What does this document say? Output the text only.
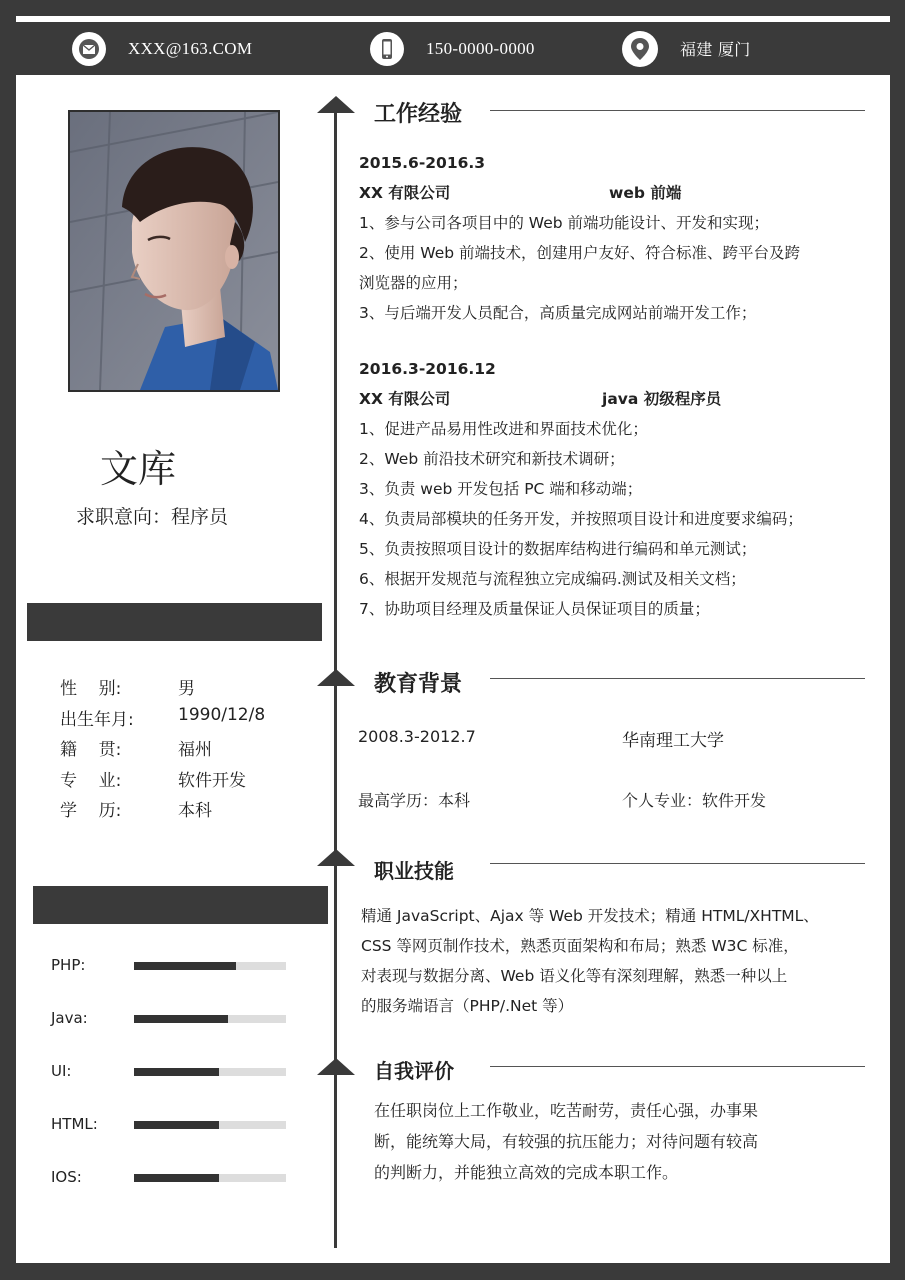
XXX@163.COM	150-0000-0000	福建 厦门
文库
求职意向：程序员
性    别:	男
出生年月:	1990/12/8
籍    贯:	福州
专    业:	软件开发
学    历:	本科
PHP:
Java:
UI:
HTML:
IOS:
工作经验
2015.6-2016.3
XX 有限公司	web 前端
1、参与公司各项目中的 Web 前端功能设计、开发和实现；
2、使用 Web 前端技术，创建用户友好、符合标准、跨平台及跨
浏览器的应用；
3、与后端开发人员配合，高质量完成网站前端开发工作；
2016.3-2016.12
XX 有限公司	java 初级程序员
1、促进产品易用性改进和界面技术优化；
2、Web 前沿技术研究和新技术调研；
3、负责 web 开发包括 PC 端和移动端；
4、负责局部模块的任务开发，并按照项目设计和进度要求编码；
5、负责按照项目设计的数据库结构进行编码和单元测试；
6、根据开发规范与流程独立完成编码.测试及相关文档；
7、协助项目经理及质量保证人员保证项目的质量；
教育背景
2008.3-2012.7	华南理工大学
最高学历：本科	个人专业：软件开发
职业技能
精通 JavaScript、Ajax 等 Web 开发技术；精通 HTML/XHTML、
CSS 等网页制作技术，熟悉页面架构和布局；熟悉 W3C 标准，
对表现与数据分离、Web 语义化等有深刻理解，熟悉一种以上
的服务端语言（PHP/.Net 等）
自我评价
在任职岗位上工作敬业，吃苦耐劳，责任心强，办事果
断，能统筹大局，有较强的抗压能力；对待问题有较高
的判断力，并能独立高效的完成本职工作。
